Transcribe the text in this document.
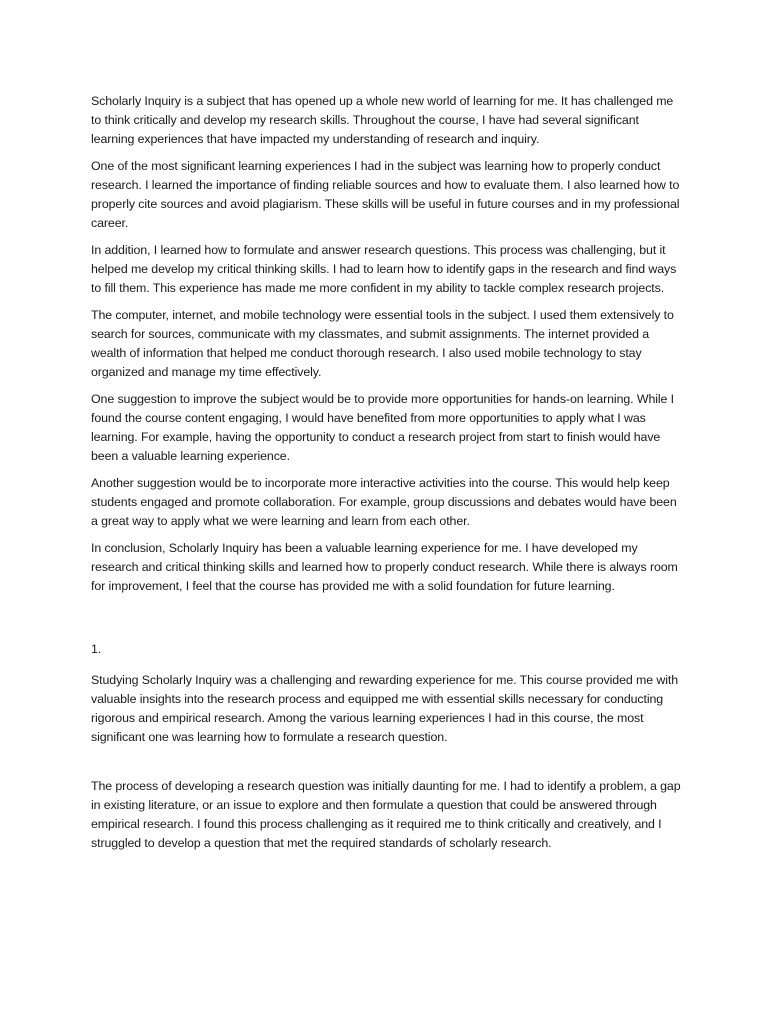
Scholarly Inquiry is a subject that has opened up a whole new world of learning for me. It has challenged me to think critically and develop my research skills. Throughout the course, I have had several significant learning experiences that have impacted my understanding of research and inquiry.

One of the most significant learning experiences I had in the subject was learning how to properly conduct research. I learned the importance of finding reliable sources and how to evaluate them. I also learned how to properly cite sources and avoid plagiarism. These skills will be useful in future courses and in my professional career.

In addition, I learned how to formulate and answer research questions. This process was challenging, but it helped me develop my critical thinking skills. I had to learn how to identify gaps in the research and find ways to fill them. This experience has made me more confident in my ability to tackle complex research projects.

The computer, internet, and mobile technology were essential tools in the subject. I used them extensively to search for sources, communicate with my classmates, and submit assignments. The internet provided a wealth of information that helped me conduct thorough research. I also used mobile technology to stay organized and manage my time effectively.

One suggestion to improve the subject would be to provide more opportunities for hands-on learning. While I found the course content engaging, I would have benefited from more opportunities to apply what I was learning. For example, having the opportunity to conduct a research project from start to finish would have been a valuable learning experience.

Another suggestion would be to incorporate more interactive activities into the course. This would help keep students engaged and promote collaboration. For example, group discussions and debates would have been a great way to apply what we were learning and learn from each other.

In conclusion, Scholarly Inquiry has been a valuable learning experience for me. I have developed my research and critical thinking skills and learned how to properly conduct research. While there is always room for improvement, I feel that the course has provided me with a solid foundation for future learning.

1.

Studying Scholarly Inquiry was a challenging and rewarding experience for me. This course provided me with valuable insights into the research process and equipped me with essential skills necessary for conducting rigorous and empirical research. Among the various learning experiences I had in this course, the most significant one was learning how to formulate a research question.

The process of developing a research question was initially daunting for me. I had to identify a problem, a gap in existing literature, or an issue to explore and then formulate a question that could be answered through empirical research. I found this process challenging as it required me to think critically and creatively, and I struggled to develop a question that met the required standards of scholarly research.
